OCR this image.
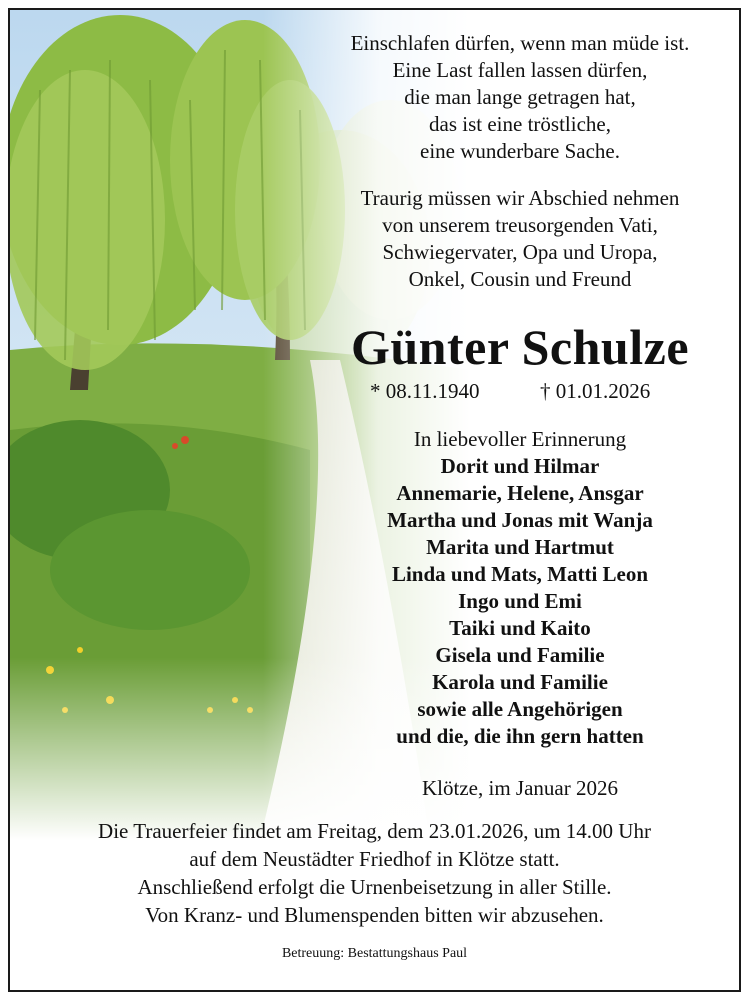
Einschlafen dürfen, wenn man müde ist.
Eine Last fallen lassen dürfen,
die man lange getragen hat,
das ist eine tröstliche,
eine wunderbare Sache.
Traurig müssen wir Abschied nehmen
von unserem treusorgenden Vati,
Schwiegervater, Opa und Uropa,
Onkel, Cousin und Freund
Günter Schulze
* 08.11.1940	† 01.01.2026
In liebevoller Erinnerung
Dorit und Hilmar
Annemarie, Helene, Ansgar
Martha und Jonas mit Wanja
Marita und Hartmut
Linda und Mats, Matti Leon
Ingo und Emi
Taiki und Kaito
Gisela und Familie
Karola und Familie
sowie alle Angehörigen
und die, die ihn gern hatten
Klötze, im Januar 2026
Die Trauerfeier findet am Freitag, dem 23.01.2026, um 14.00 Uhr
auf dem Neustädter Friedhof in Klötze statt.
Anschließend erfolgt die Urnenbeisetzung in aller Stille.
Von Kranz- und Blumenspenden bitten wir abzusehen.
Betreuung: Bestattungshaus Paul
